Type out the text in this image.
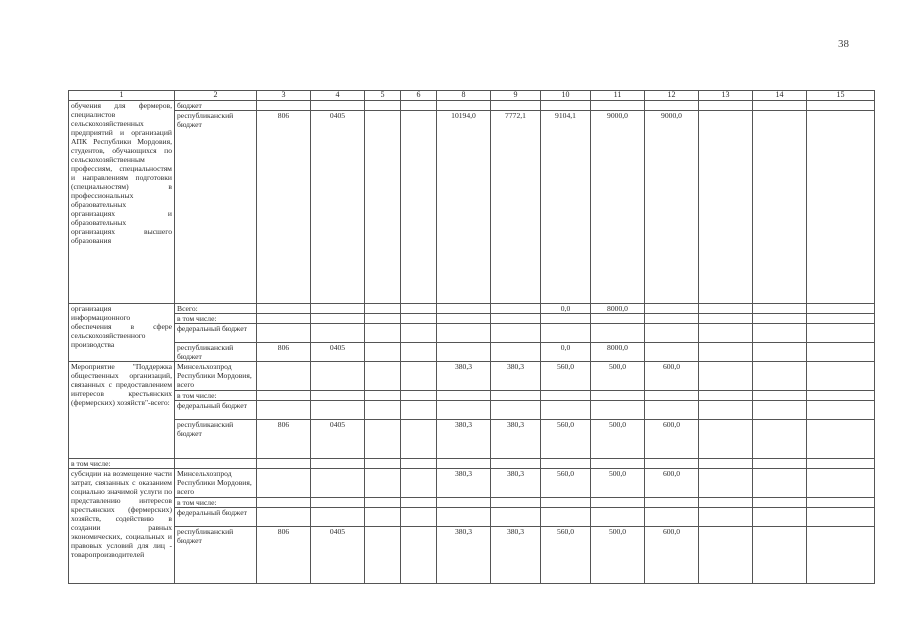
38
1	2	3	4	5	6	8	9	10	11	12	13	14	15
обучения для фермеров, специалистов сельскохозяйственных предприятий и организаций АПК Республики Мордовия, студентов, обучающихся по сельскохозяйственным профессиям, специальностям и направлениям подготовки (специальностям) в профессиональных образовательных организациях и образовательных организациях высшего образования	бюджет												
	республиканский бюджет	806	0405			10194,0	7772,1	9104,1	9000,0	9000,0			
организация информационного обеспечения в сфере сельскохозяйственного производства	Всего:							0,0	8000,0				
	в том числе:												
	федеральный бюджет												
	республиканский бюджет	806	0405					0,0	8000,0				
Мероприятие "Поддержка общественных организаций, связанных с предоставлением интересов крестьянских (фермерских) хозяйств"-всего:	Минсельхозпрод Республики Мордовия, всего					380,3	380,3	560,0	500,0	600,0			
	в том числе:												
	федеральный бюджет												
	республиканский бюджет	806	0405			380,3	380,3	560,0	500,0	600,0			
в том числе:													
субсидии на возмещение части затрат, связанных с оказанием социально значимой услуги по представлению интересов крестьянских (фермерских) хозяйств, содействию в создании равных экономических, социальных и правовых условий для лиц - товаропроизводителей	Минсельхозпрод Республики Мордовия, всего					380,3	380,3	560,0	500,0	600,0			
	в том числе:												
	федеральный бюджет												
	республиканский бюджет	806	0405			380,3	380,3	560,0	500,0	600,0			
